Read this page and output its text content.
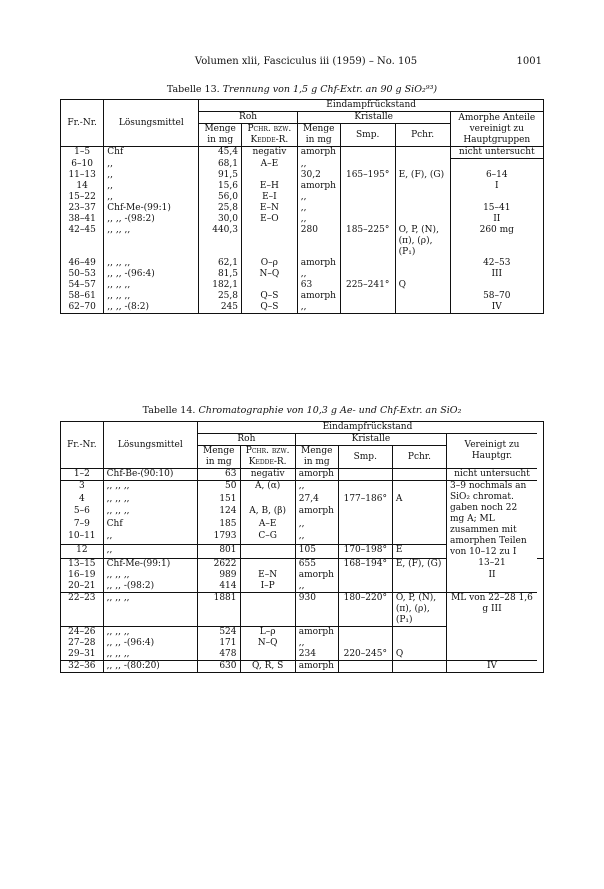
Volumen xlii, Fasciculus iii (1959) – No. 105	1001
Tabelle 13. Trennung von 1,5 g Chf-Extr. an 90 g SiO₂⁹³)
Fr.-Nr.	Lösungsmittel	Eindampfrückstand					
		Roh		Kristalle			Amorphe Anteile vereinigt zu Hauptgruppen
		Menge in mg	Pchr. bzw. Kedde-R.	Menge in mg	Smp.	Pchr.	
1–5	Chf	45,4	negativ	amorph			nicht untersucht
6–10	,,	68,1	A–E	,,			
11–13	,,	91,5		30,2	165–195°	E, (F), (G)	6–14
14	,,	15,6	E–H	amorph			I
15–22	,,	56,0	E–I	,,			
23–37	Chf-Me-(99:1)	25,8	E–N	,,			15–41
38–41	,, ,, -(98:2)	30,0	E–O	,,			II
42–45	,, ,, ,,	440,3		280	185–225°	O, P, (N), (π), (ρ), (P₁)	260 mg
46–49	,, ,, ,,	62,1	O–ρ	amorph			42–53
50–53	,, ,, -(96:4)	81,5	N–Q	,,			III
54–57	,, ,, ,,	182,1		63	225–241°	Q	
58–61	,, ,, ,,	25,8	Q–S	amorph			58–70
62–70	,, ,, -(8:2)	245	Q–S	,,			IV
Tabelle 14. Chromatographie von 10,3 g Ae- und Chf-Extr. an SiO₂
Fr.-Nr.	Lösungsmittel	Eindampfrückstand						
		Roh		Kristalle			Vereinigt zu Hauptgr.	
		Menge in mg	Pchr. bzw. Kedde-R.	Menge in mg	Smp.	Pchr.		
1–2	Chf-Be-(90:10)	63	negativ	amorph			nicht untersucht	
3	,, ,, ,,	50	A, (α)	,,			3–9 nochmals an SiO₂ chromat. gaben noch 22 mg A; ML zusammen mit amorphen Teilen von 10–12 zu I	
4	,, ,, ,,	151		27,4	177–186°	A		
5–6	,, ,, ,,	124	A, B, (β)	amorph				
7–9	Chf	185	A–E	,,				
10–11	,,	1793	C–G	,,				
12	,,	801		105	170–198°	E		
13–15	Chf-Me-(99:1)	2622		655	168–194°	E, (F), (G)	13–21	
16–19	,, ,, ,,	989	E–N	amorph			II	
20–21	,, ,, -(98:2)	414	I–P	,,				
22–23	,, ,, ,,	1881		930	180–220°	O, P, (N), (π), (ρ), (P₁)	ML von 22–28 1,6 g III	
24–26	,, ,, ,,	524	L–ρ	amorph				
27–28	,, ,, -(96:4)	171	N–Q	,,				
29–31	,, ,, ,,	478		234	220–245°	Q		
32–36	,, ,, -(80:20)	630	Q, R, S	amorph			IV	
